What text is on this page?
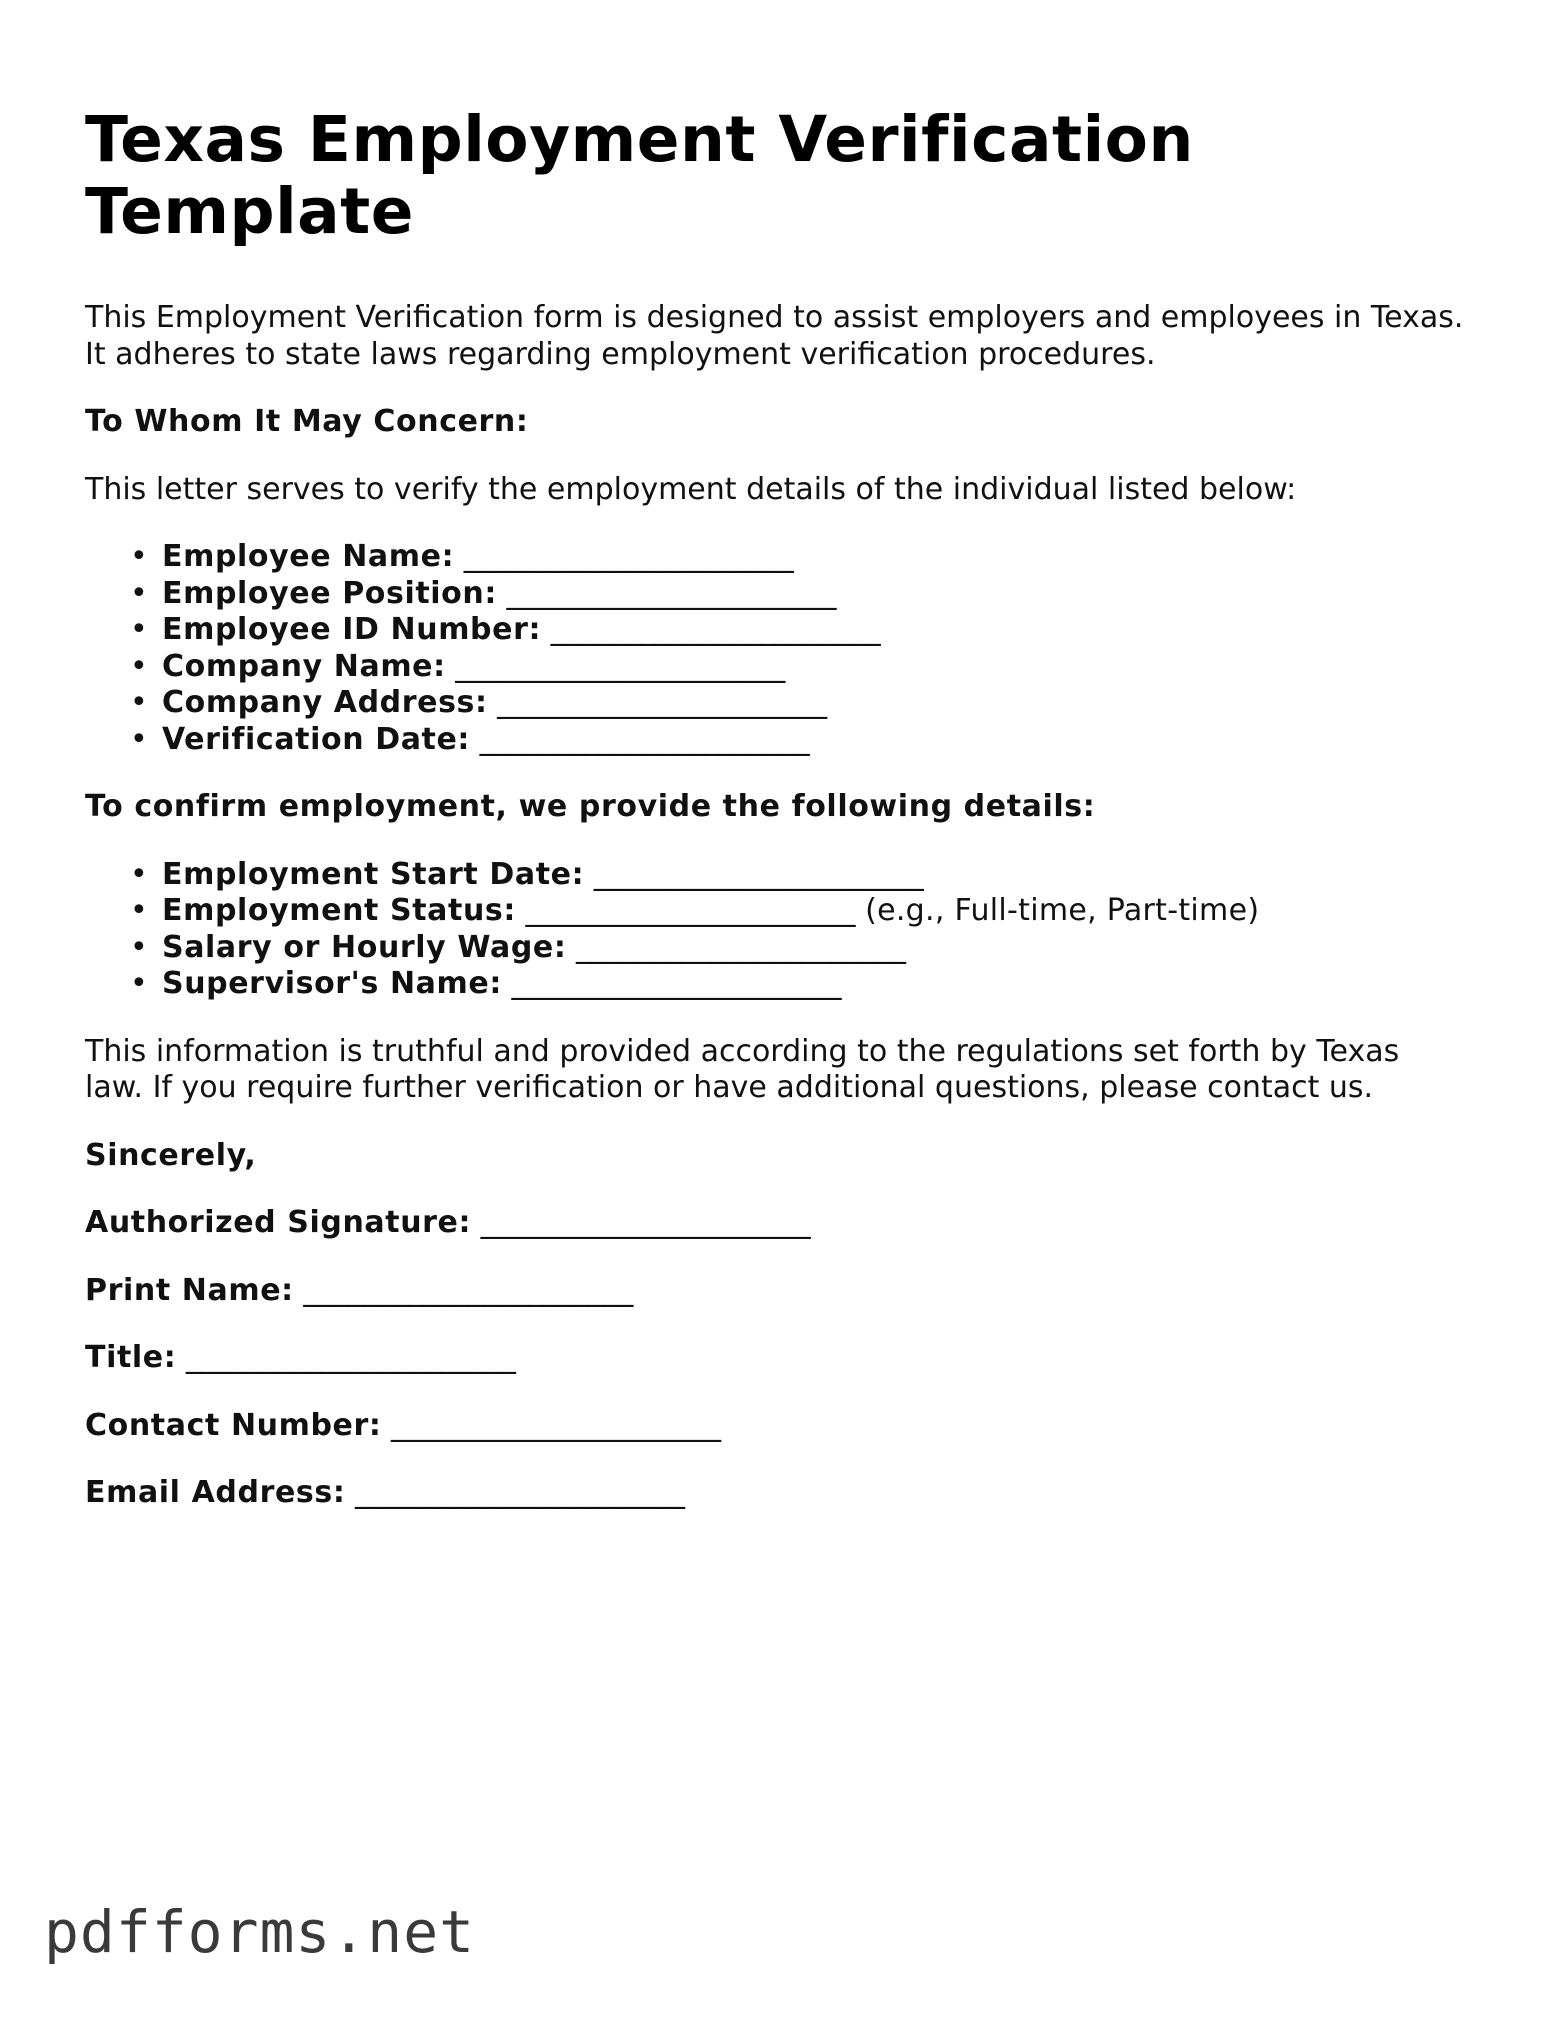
Texas Employment Verification Template

This Employment Verification form is designed to assist employers and employees in Texas. It adheres to state laws regarding employment verification procedures.

To Whom It May Concern:

This letter serves to verify the employment details of the individual listed below:

• Employee Name: ______________________
• Employee Position: ______________________
• Employee ID Number: ______________________
• Company Name: ______________________
• Company Address: ______________________
• Verification Date: ______________________

To confirm employment, we provide the following details:

• Employment Start Date: ______________________
• Employment Status: ______________________ (e.g., Full-time, Part-time)
• Salary or Hourly Wage: ______________________
• Supervisor's Name: ______________________

This information is truthful and provided according to the regulations set forth by Texas law. If you require further verification or have additional questions, please contact us.

Sincerely,

Authorized Signature: ______________________
Print Name: ______________________
Title: ______________________
Contact Number: ______________________
Email Address: ______________________
pdfforms.net
